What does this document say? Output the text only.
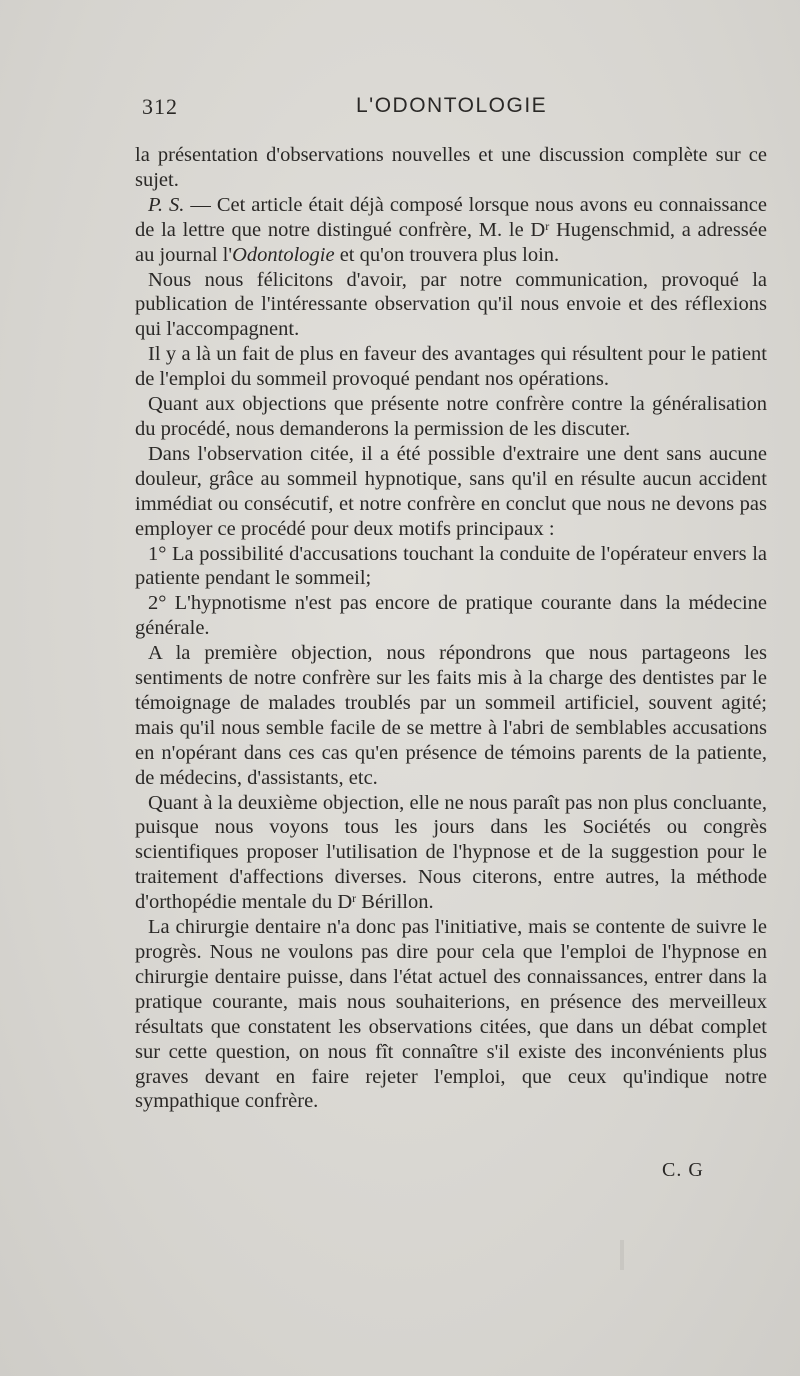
312	L'ODONTOLOGIE

la présentation d'observations nouvelles et une discussion complète sur ce sujet.

P. S. — Cet article était déjà composé lorsque nous avons eu connaissance de la lettre que notre distingué confrère, M. le $D^r$ Hugenschmid, a adressée au journal l'Odontologie et qu'on trouvera plus loin.

Nous nous félicitons d'avoir, par notre communication, provoqué la publication de l'intéressante observation qu'il nous envoie et des réflexions qui l'accompagnent.

Il y a là un fait de plus en faveur des avantages qui résultent pour le patient de l'emploi du sommeil provoqué pendant nos opérations.

Quant aux objections que présente notre confrère contre la généralisation du procédé, nous demanderons la permission de les discuter.

Dans l'observation citée, il a été possible d'extraire une dent sans aucune douleur, grâce au sommeil hypnotique, sans qu'il en résulte aucun accident immédiat ou consécutif, et notre confrère en conclut que nous ne devons pas employer ce procédé pour deux motifs principaux :

1° La possibilité d'accusations touchant la conduite de l'opérateur envers la patiente pendant le sommeil;

2° L'hypnotisme n'est pas encore de pratique courante dans la médecine générale.

A la première objection, nous répondrons que nous partageons les sentiments de notre confrère sur les faits mis à la charge des dentistes par le témoignage de malades troublés par un sommeil artificiel, souvent agité; mais qu'il nous semble facile de se mettre à l'abri de semblables accusations en n'opérant dans ces cas qu'en présence de témoins parents de la patiente, de médecins, d'assistants, etc.

Quant à la deuxième objection, elle ne nous paraît pas non plus concluante, puisque nous voyons tous les jours dans les Sociétés ou congrès scientifiques proposer l'utilisation de l'hypnose et de la suggestion pour le traitement d'affections diverses. Nous citerons, entre autres, la méthode d'orthopédie mentale du $D^r$ Bérillon.

La chirurgie dentaire n'a donc pas l'initiative, mais se contente de suivre le progrès. Nous ne voulons pas dire pour cela que l'emploi de l'hypnose en chirurgie dentaire puisse, dans l'état actuel des connaissances, entrer dans la pratique courante, mais nous souhaiterions, en présence des merveilleux résultats que constatent les observations citées, que dans un débat complet sur cette question, on nous fît connaître s'il existe des inconvénients plus graves devant en faire rejeter l'emploi, que ceux qu'indique notre sympathique confrère.

C. G
